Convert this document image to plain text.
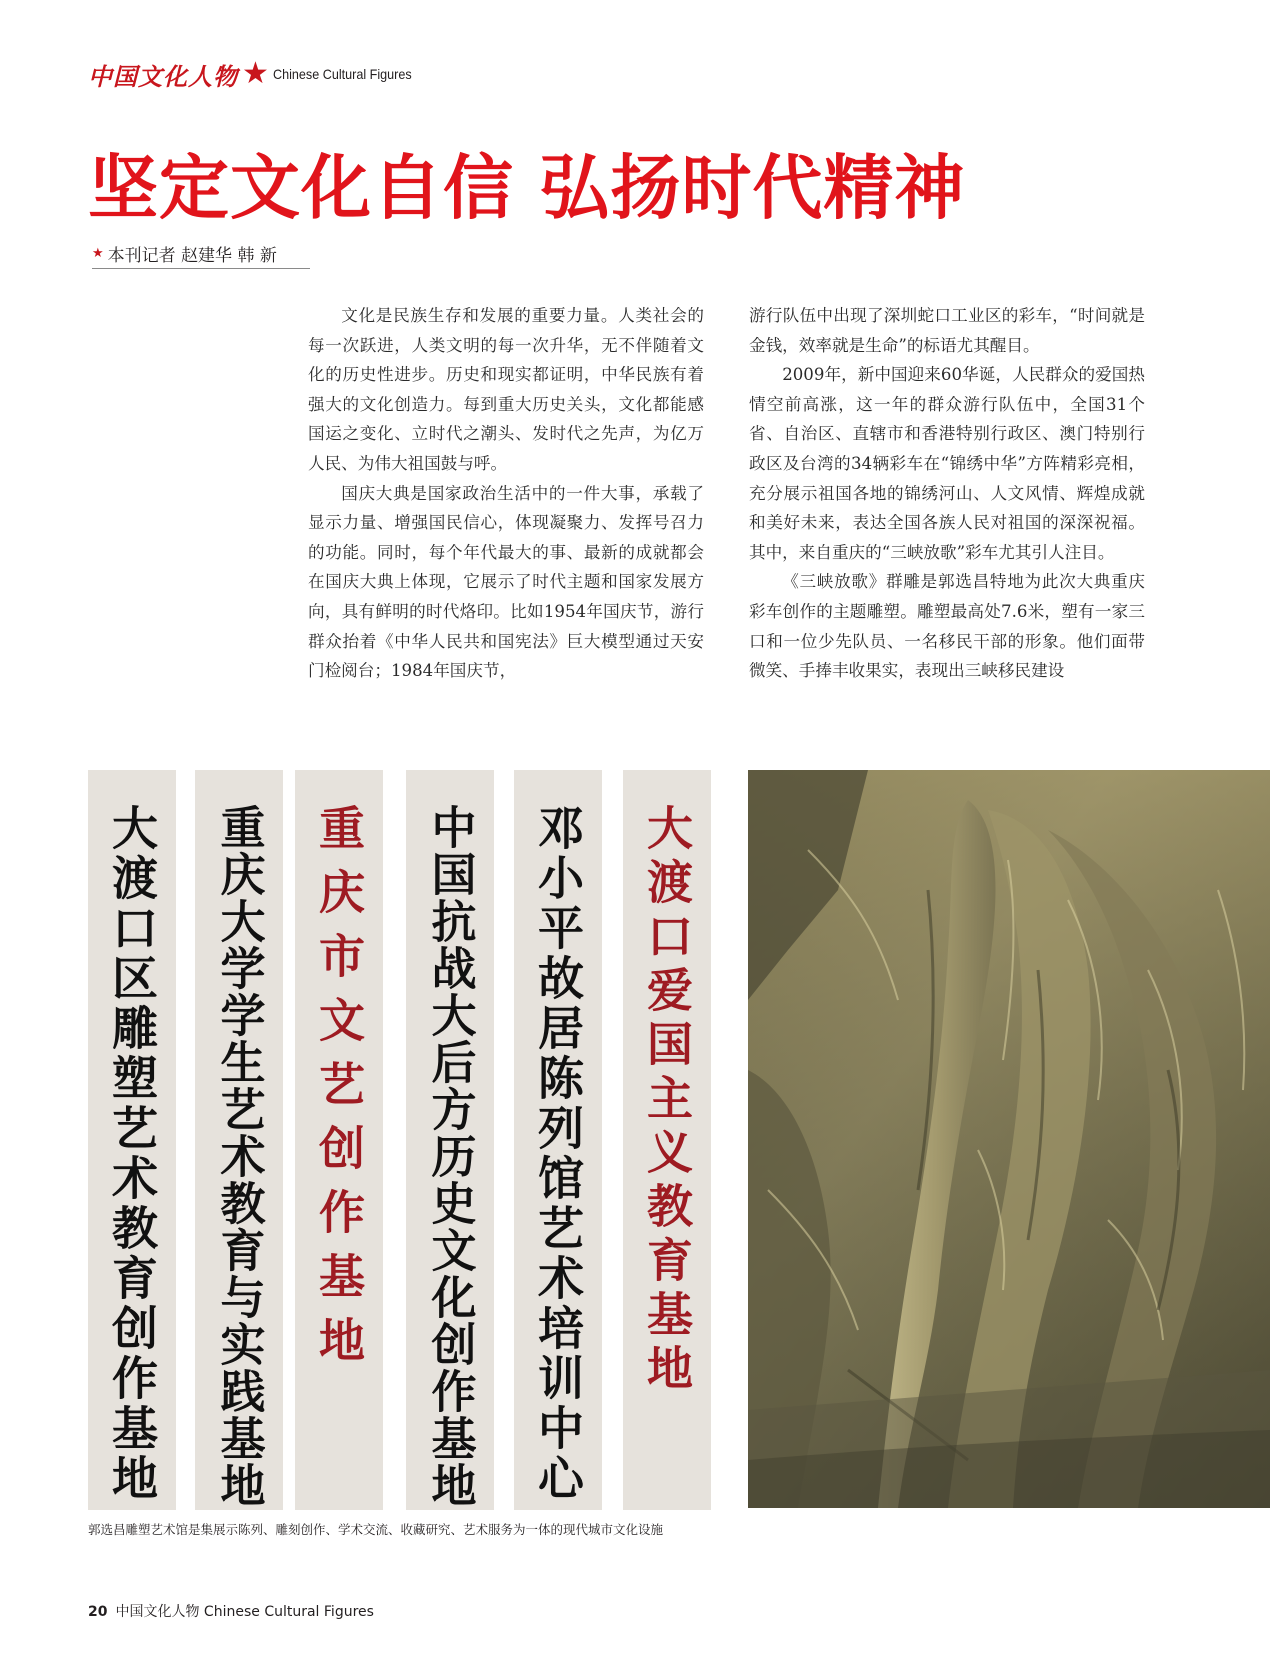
中国文化人物 ★ Chinese Cultural Figures
坚定文化自信 弘扬时代精神
★ 本刊记者 赵建华 韩 新

文化是民族生存和发展的重要力量。人类社会的每一次跃进，人类文明的每一次升华，无不伴随着文化的历史性进步。历史和现实都证明，中华民族有着强大的文化创造力。每到重大历史关头，文化都能感国运之变化、立时代之潮头、发时代之先声，为亿万人民、为伟大祖国鼓与呼。

国庆大典是国家政治生活中的一件大事，承载了显示力量、增强国民信心，体现凝聚力、发挥号召力的功能。同时，每个年代最大的事、最新的成就都会在国庆大典上体现，它展示了时代主题和国家发展方向，具有鲜明的时代烙印。比如1954年国庆节，游行群众抬着《中华人民共和国宪法》巨大模型通过天安门检阅台；1984年国庆节，

游行队伍中出现了深圳蛇口工业区的彩车，“时间就是金钱，效率就是生命”的标语尤其醒目。

2009年，新中国迎来60华诞，人民群众的爱国热情空前高涨，这一年的群众游行队伍中，全国31个省、自治区、直辖市和香港特别行政区、澳门特别行政区及台湾的34辆彩车在“锦绣中华”方阵精彩亮相，充分展示祖国各地的锦绣河山、人文风情、辉煌成就和美好未来，表达全国各族人民对祖国的深深祝福。其中，来自重庆的“三峡放歌”彩车尤其引人注目。

《三峡放歌》群雕是郭选昌特地为此次大典重庆彩车创作的主题雕塑。雕塑最高处7.6米，塑有一家三口和一位少先队员、一名移民干部的形象。他们面带微笑、手捧丰收果实，表现出三峡移民建设

大渡口区雕塑艺术教育创作基地 重庆大学学生艺术教育与实践基地 重庆市文艺创作基地 中国抗战大后方历史文化创作基地 邓小平故居陈列馆艺术培训中心 大渡口爱国主义教育基地
郭选昌雕塑艺术馆是集展示陈列、雕刻创作、学术交流、收藏研究、艺术服务为一体的现代城市文化设施
20 中国文化人物 Chinese Cultural Figures
